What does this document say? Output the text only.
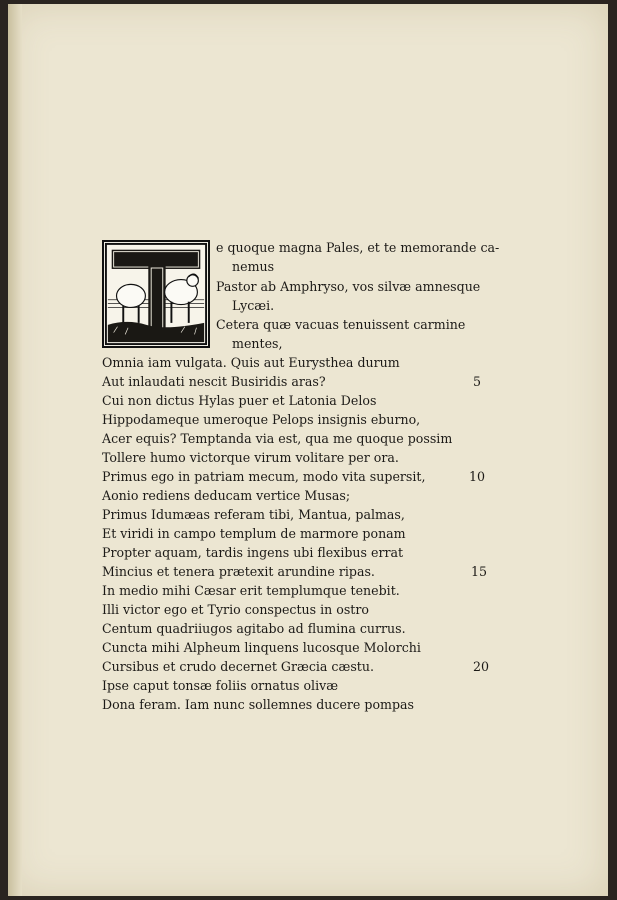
e quoque magna Pales, et te memorande ca-
nemus
Pastor ab Amphryso, vos silvæ amnesque
Lycæi.
Cetera quæ vacuas tenuissent carmine
mentes,
Omnia iam vulgata. Quis aut Eurysthea durum
Aut inlaudati nescit Busiridis aras?
Cui non dictus Hylas puer et Latonia Delos
Hippodameque umeroque Pelops insignis eburno,
Acer equis? Temptanda via est, qua me quoque possim
Tollere humo victorque virum volitare per ora.
Primus ego in patriam mecum, modo vita supersit,
Aonio rediens deducam vertice Musas;
Primus Idumæas referam tibi, Mantua, palmas,
Et viridi in campo templum de marmore ponam
Propter aquam, tardis ingens ubi flexibus errat
Mincius et tenera prætexit arundine ripas.
In medio mihi Cæsar erit templumque tenebit.
Illi victor ego et Tyrio conspectus in ostro
Centum quadriiugos agitabo ad flumina currus.
Cuncta mihi Alpheum linquens lucosque Molorchi
Cursibus et crudo decernet Græcia cæstu.
Ipse caput tonsæ foliis ornatus olivæ
Dona feram. Iam nunc sollemnes ducere pompas
5
10
15
20
